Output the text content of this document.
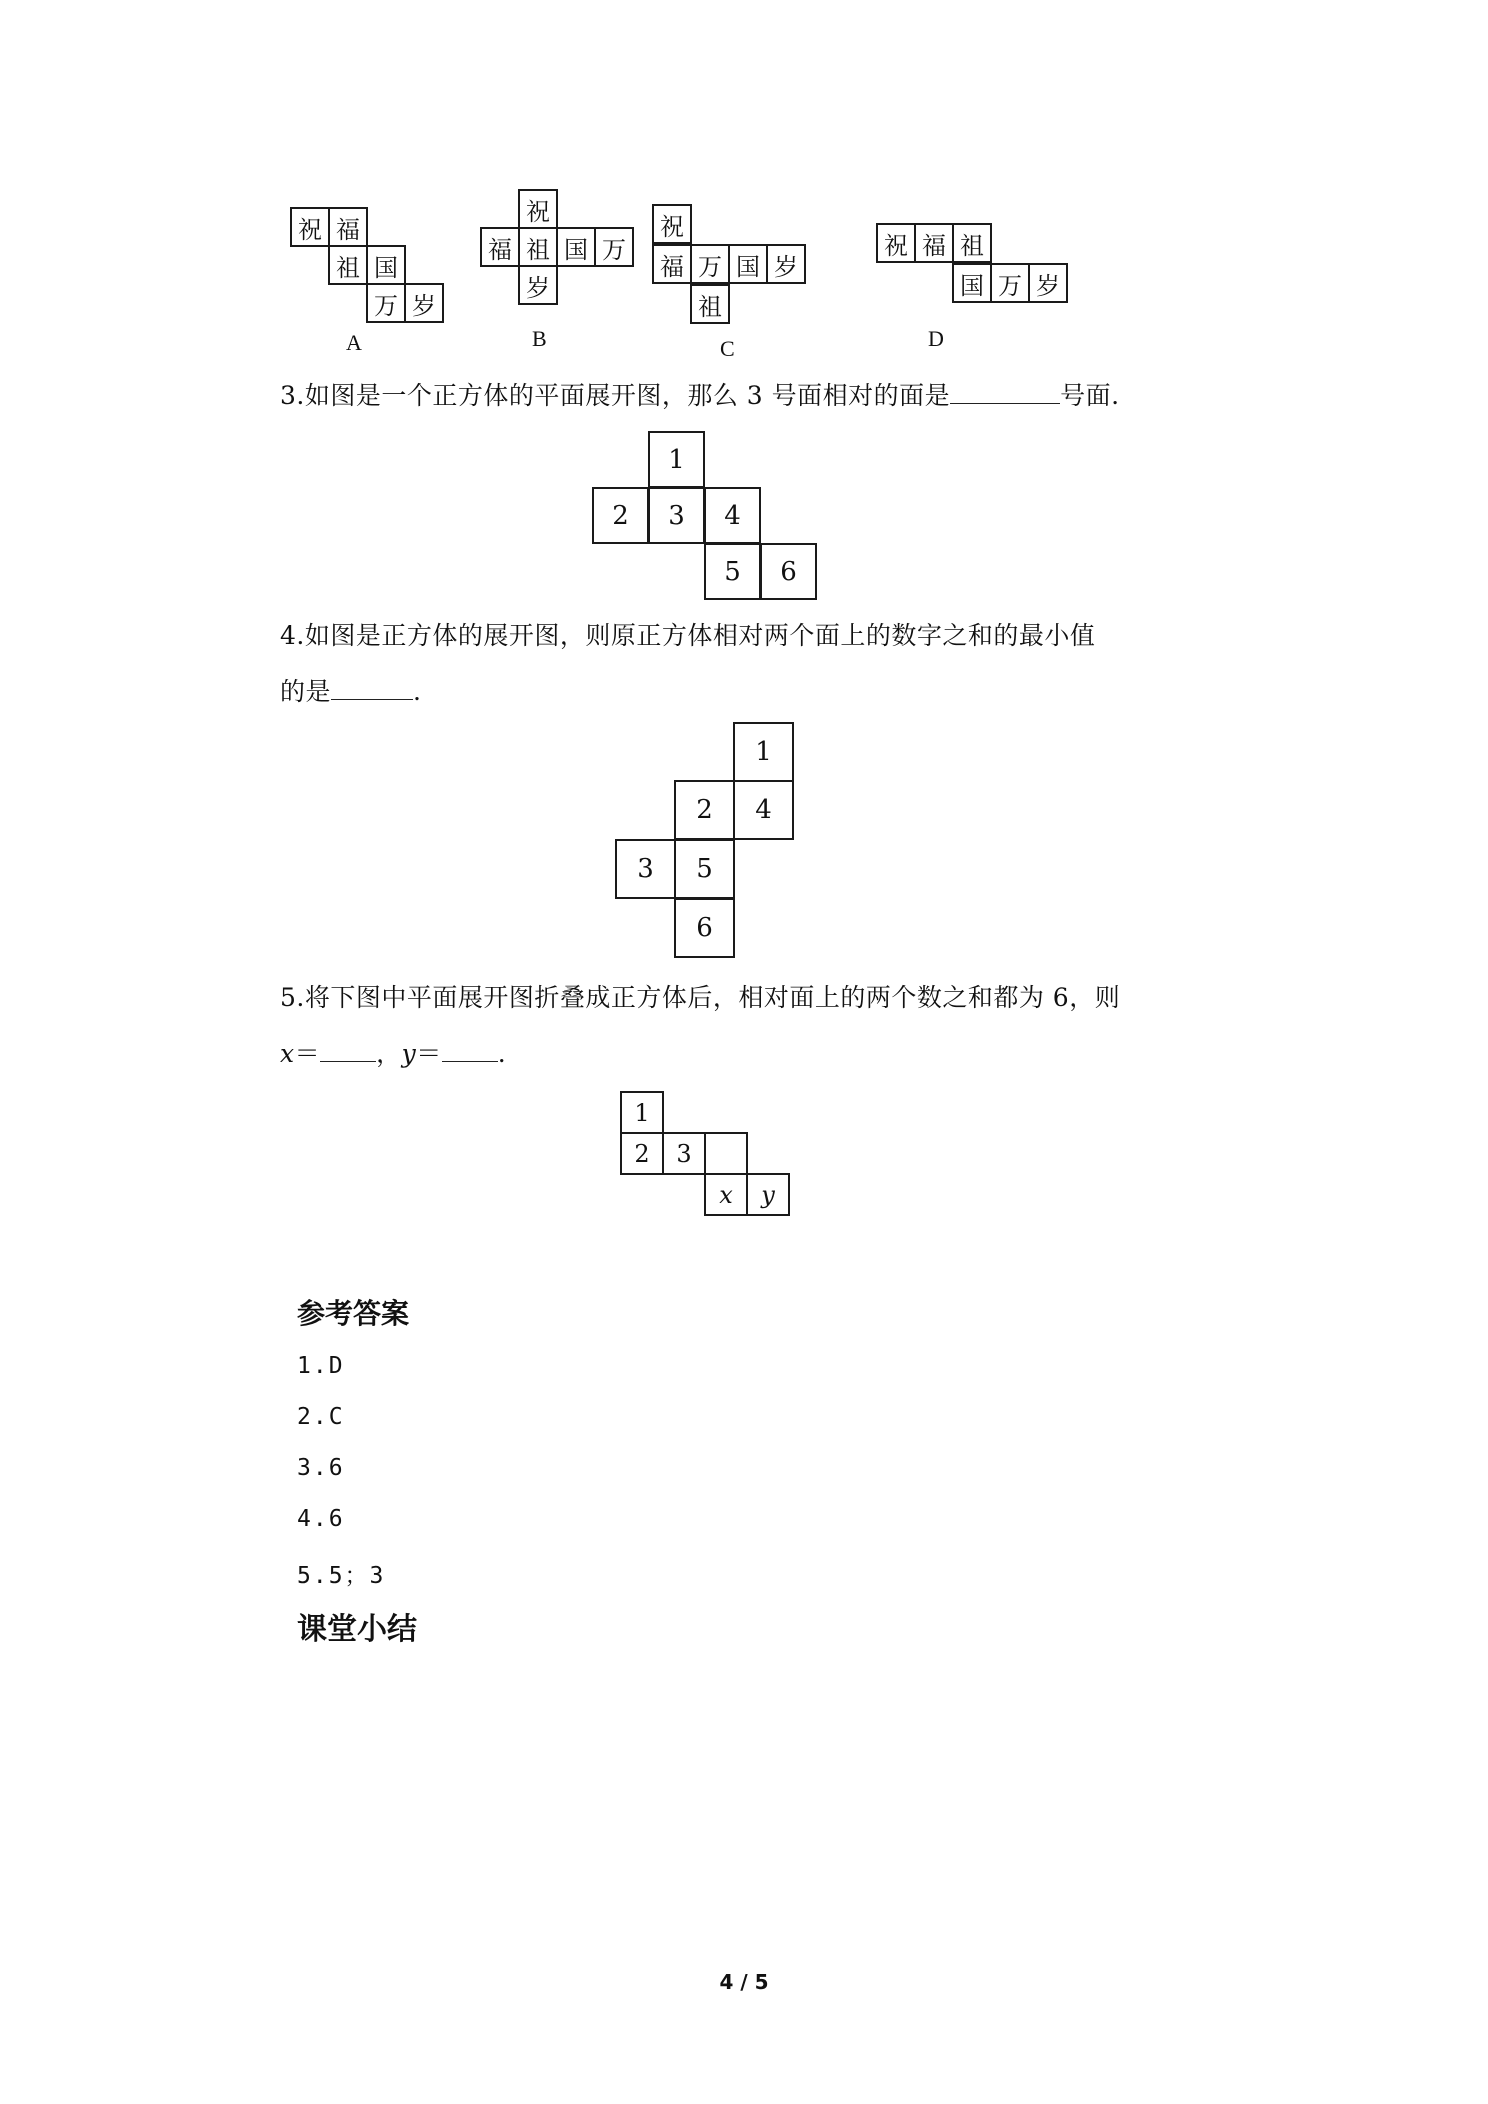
祝 福
祖 国
万 岁
A
祝
福 祖 国 万
岁
B
祝
福 万 国 岁
祖
C
祝 福 祖
国 万 岁
D
3.如图是一个正方体的平面展开图，那么 3 号面相对的面是	号面.
1
2	3	4
5	6
4.如图是正方体的展开图，则原正方体相对两个面上的数字之和的最小值
的是	.
1
2	4
3	5
6
5.将下图中平面展开图折叠成正方体后，相对面上的两个数之和都为 6，则
x＝ ，y＝ .
1
2	3
x	y
参考答案
1.D
2.C
3.6
4.6
5.5；3
课堂小结
4 / 5
